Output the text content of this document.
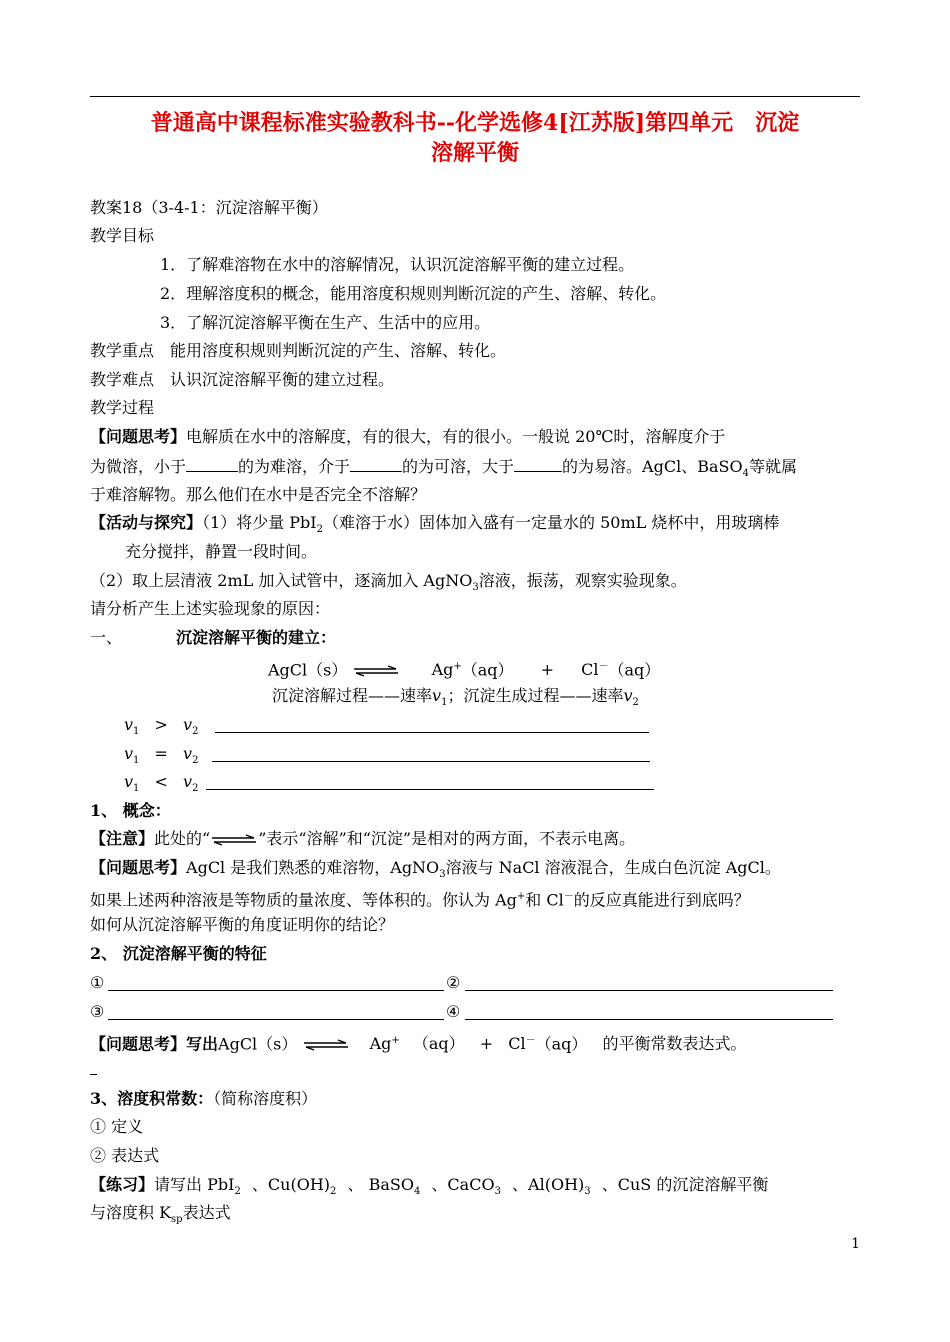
普通高中课程标准实验教科书--化学选修4[江苏版]第四单元　沉淀
溶解平衡
教案18（3-4-1：沉淀溶解平衡）
教学目标
1．了解难溶物在水中的溶解情况，认识沉淀溶解平衡的建立过程。
2．理解溶度积的概念，能用溶度积规则判断沉淀的产生、溶解、转化。
3．了解沉淀溶解平衡在生产、生活中的应用。
教学重点　能用溶度积规则判断沉淀的产生、溶解、转化。
教学难点　认识沉淀溶解平衡的建立过程。
教学过程
【问题思考】电解质在水中的溶解度，有的很大，有的很小。一般说 20℃时，溶解度介于
为微溶，小于	的为难溶，介于	的为可溶，大于	的为易溶。AgCl、BaSO$_4$等就属
于难溶解物。那么他们在水中是否完全不溶解？
【活动与探究】（1）将少量 PbI$_2$（难溶于水）固体加入盛有一定量水的 50mL 烧杯中，用玻璃棒
充分搅拌，静置一段时间。
（2）取上层清液 2mL 加入试管中，逐滴加入 AgNO$_3$溶液，振荡，观察实验现象。
请分析产生上述实验现象的原因：
一、	沉淀溶解平衡的建立：
AgCl（s） ⇌ Ag+（aq） + Cl－（aq）
沉淀溶解过程——速率$v_1$；沉淀生成过程——速率$v_2$
$v_1 > v_2$
$v_1 = v_2$
$v_1 < v_2$
1、 概念：
【注意】此处的“⇌”表示“溶解”和“沉淀”是相对的两方面，不表示电离。
【问题思考】AgCl 是我们熟悉的难溶物，AgNO$_3$溶液与 NaCl 溶液混合，生成白色沉淀 AgCl。
如果上述两种溶液是等物质的量浓度、等体积的。你认为 Ag+和 Cl－的反应真能进行到底吗？
如何从沉淀溶解平衡的角度证明你的结论？
2、 沉淀溶解平衡的特征
①	②
③	④
【问题思考】写出AgCl（s） ⇌ Ag+ （aq） + Cl－（aq） 的平衡常数表达式。
3、溶度积常数：（简称溶度积）
① 定义
② 表达式
【练习】请写出 PbI$_2$ 、$Cu(OH)_2$ 、 BaSO$_4$ 、CaCO$_3$ 、$Al(OH)_3$ 、CuS 的沉淀溶解平衡
与溶度积 $K_{sp}$表达式
1
